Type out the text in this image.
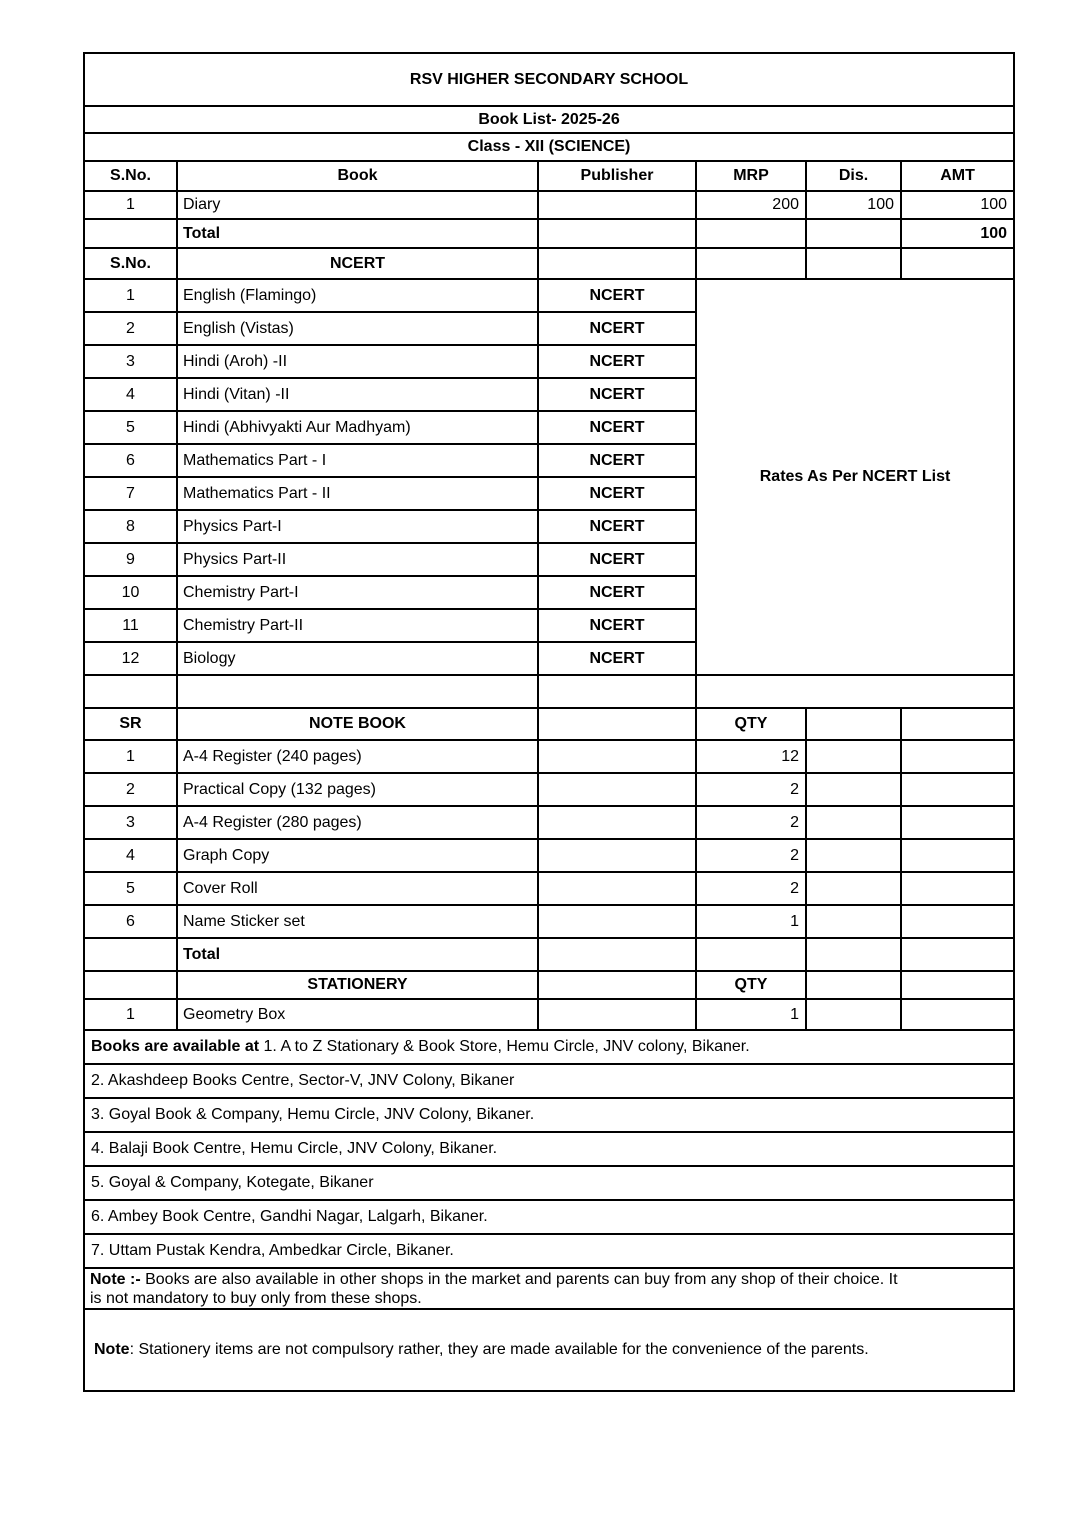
RSV HIGHER SECONDARY SCHOOL					
Book List- 2025-26					
Class - XII (SCIENCE)					
S.No.	Book	Publisher	MRP	Dis.	AMT
1	Diary		200	100	100
	Total				100
S.No.	NCERT				
1	English (Flamingo)	NCERT	Rates As Per NCERT List		
2	English (Vistas)	NCERT			
3	Hindi (Aroh) -II	NCERT			
4	Hindi (Vitan) -II	NCERT			
5	Hindi (Abhivyakti Aur Madhyam)	NCERT			
6	Mathematics Part - I	NCERT			
7	Mathematics Part - II	NCERT			
8	Physics Part-I	NCERT			
9	Physics Part-II	NCERT			
10	Chemistry Part-I	NCERT			
11	Chemistry Part-II	NCERT			
12	Biology	NCERT			

SR	NOTE BOOK		QTY		
1	A-4 Register (240 pages)		12		
2	Practical Copy (132 pages)		2		
3	A-4 Register (280 pages)		2		
4	Graph Copy		2		
5	Cover Roll		2		
6	Name Sticker set		1		
	Total				
	STATIONERY		QTY		
1	Geometry Box		1		
Books are available at 1. A to Z Stationary & Book Store, Hemu Circle, JNV colony, Bikaner.					
2. Akashdeep Books Centre, Sector-V, JNV Colony, Bikaner					
3. Goyal Book & Company, Hemu Circle, JNV Colony, Bikaner.					
4. Balaji Book Centre, Hemu Circle, JNV Colony, Bikaner.					
5. Goyal & Company, Kotegate, Bikaner					
6. Ambey Book Centre, Gandhi Nagar, Lalgarh, Bikaner.					
7. Uttam Pustak Kendra, Ambedkar Circle, Bikaner.					
Note :- Books are also available in other shops in the market and parents can buy from any shop of their choice. It
is not mandatory to buy only from these shops.					
Note: Stationery items are not compulsory rather, they are made available for the convenience of the parents.					
